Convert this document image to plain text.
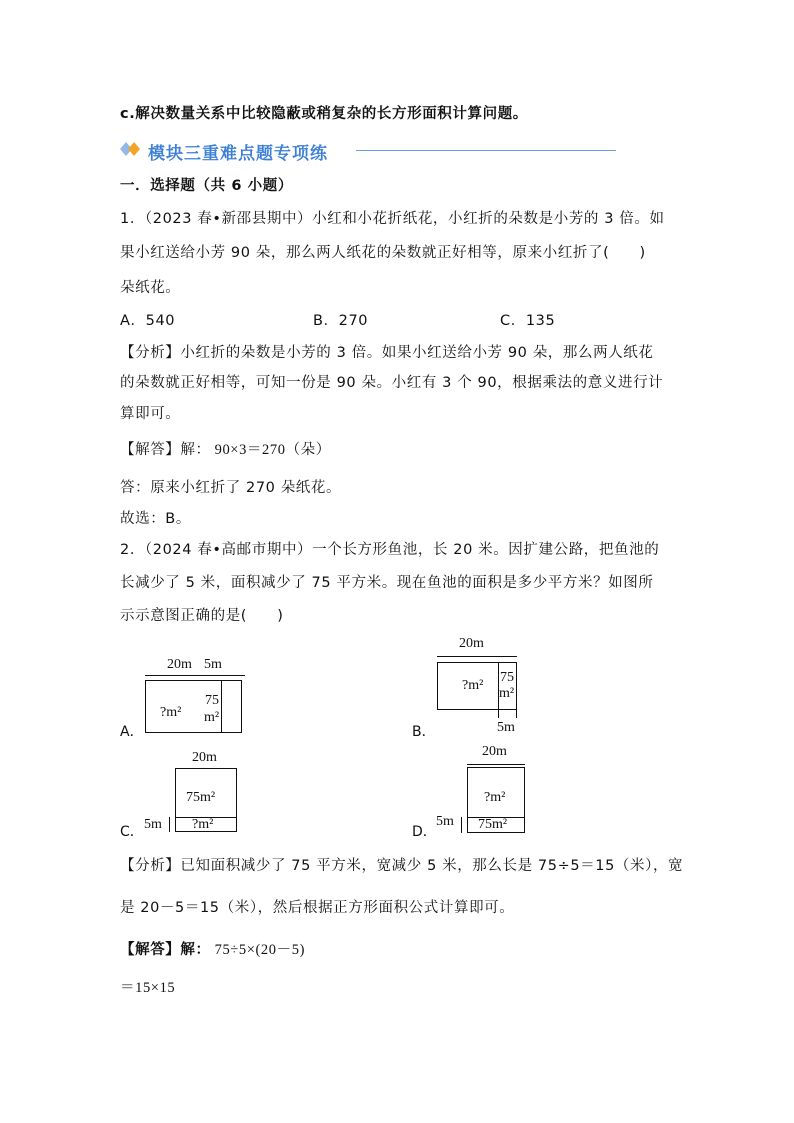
c.解决数量关系中比较隐蔽或稍复杂的长方形面积计算问题。
模块三重难点题专项练
一．选择题（共 6 小题）
1．（2023 春•新邵县期中）小红和小花折纸花，小红折的朵数是小芳的 3 倍。如
果小红送给小芳 90 朵，那么两人纸花的朵数就正好相等，原来小红折了(　　)
朵纸花。
A．540	B．270	C．135
【分析】小红折的朵数是小芳的 3 倍。如果小红送给小芳 90 朵，那么两人纸花
的朵数就正好相等，可知一份是 90 朵。小红有 3 个 90，根据乘法的意义进行计
算即可。
【解答】解： 90×3＝270（朵）
答：原来小红折了 270 朵纸花。
故选：B。
2．（2024 春•高邮市期中）一个长方形鱼池，长 20 米。因扩建公路，把鱼池的
长减少了 5 米，面积减少了 75 平方米。现在鱼池的面积是多少平方米？如图所
示示意图正确的是(　　)
20m 5m
?m²
75
m²
A．
20m
?m²
75
m²
5m
B．
20m
75m²
?m²
5m
C．
20m
?m²
75m²
5m
D．
【分析】已知面积减少了 75 平方米，宽减少 5 米，那么长是 75÷5＝15（米），宽
是 20－5＝15（米），然后根据正方形面积公式计算即可。
【解答】解： 75÷5×(20－5)
＝15×15
